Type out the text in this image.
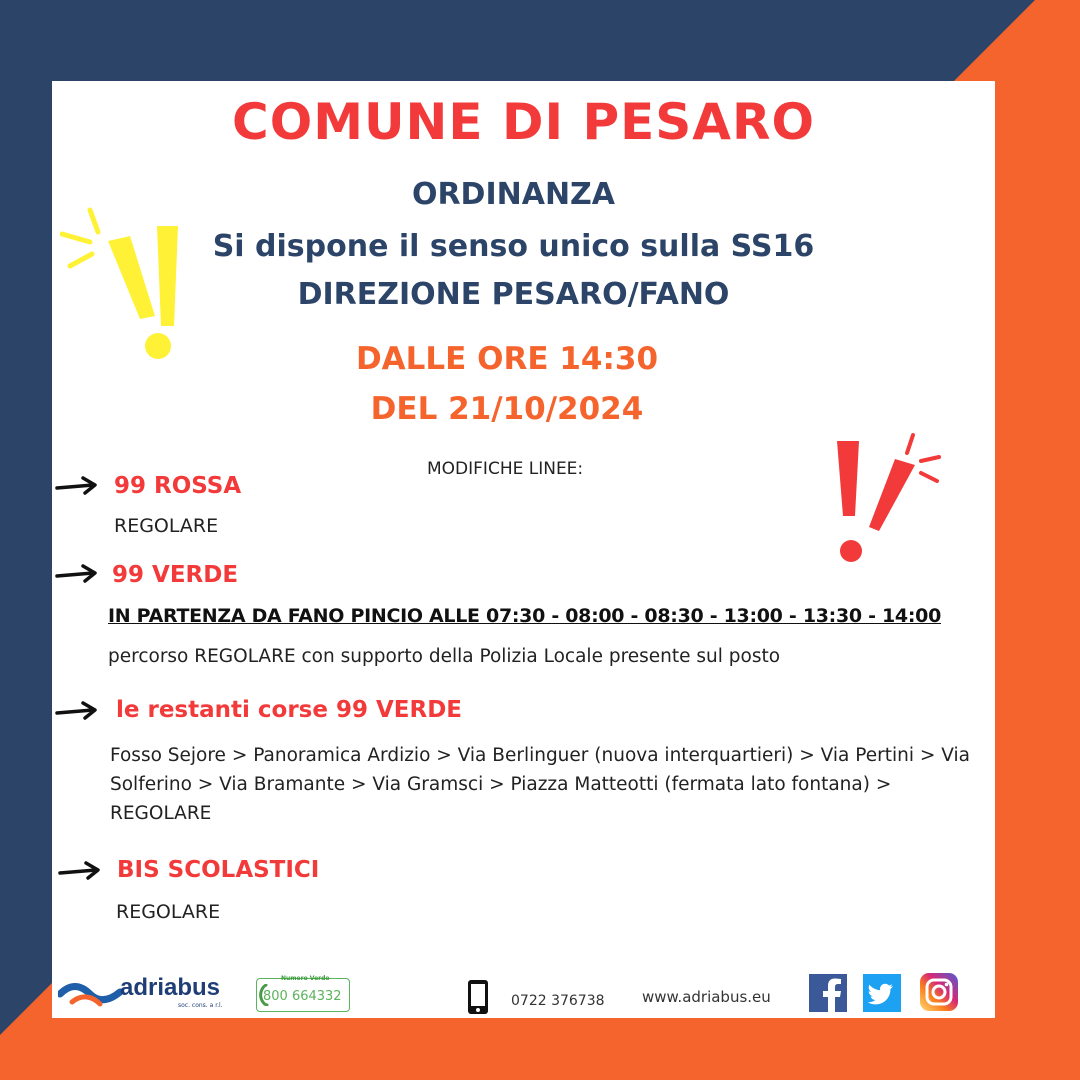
COMUNE DI PESARO
ORDINANZA
Si dispone il senso unico sulla SS16
DIREZIONE PESARO/FANO
DALLE ORE 14:30
DEL 21/10/2024
MODIFICHE LINEE:
99 ROSSA
REGOLARE
99 VERDE
IN PARTENZA DA FANO PINCIO ALLE 07:30 - 08:00 - 08:30 - 13:00 - 13:30 - 14:00
percorso REGOLARE con supporto della Polizia Locale presente sul posto
le restanti corse 99 VERDE
Fosso Sejore > Panoramica Ardizio > Via Berlinguer (nuova interquartieri) > Via Pertini > Via Solferino > Via Bramante > Via Gramsci > Piazza Matteotti (fermata lato fontana) > REGOLARE
BIS SCOLASTICI
REGOLARE
adriabus
soc. cons. a r.l.
Numero Verde
800 664332	0722 376738 www.adriabus.eu
